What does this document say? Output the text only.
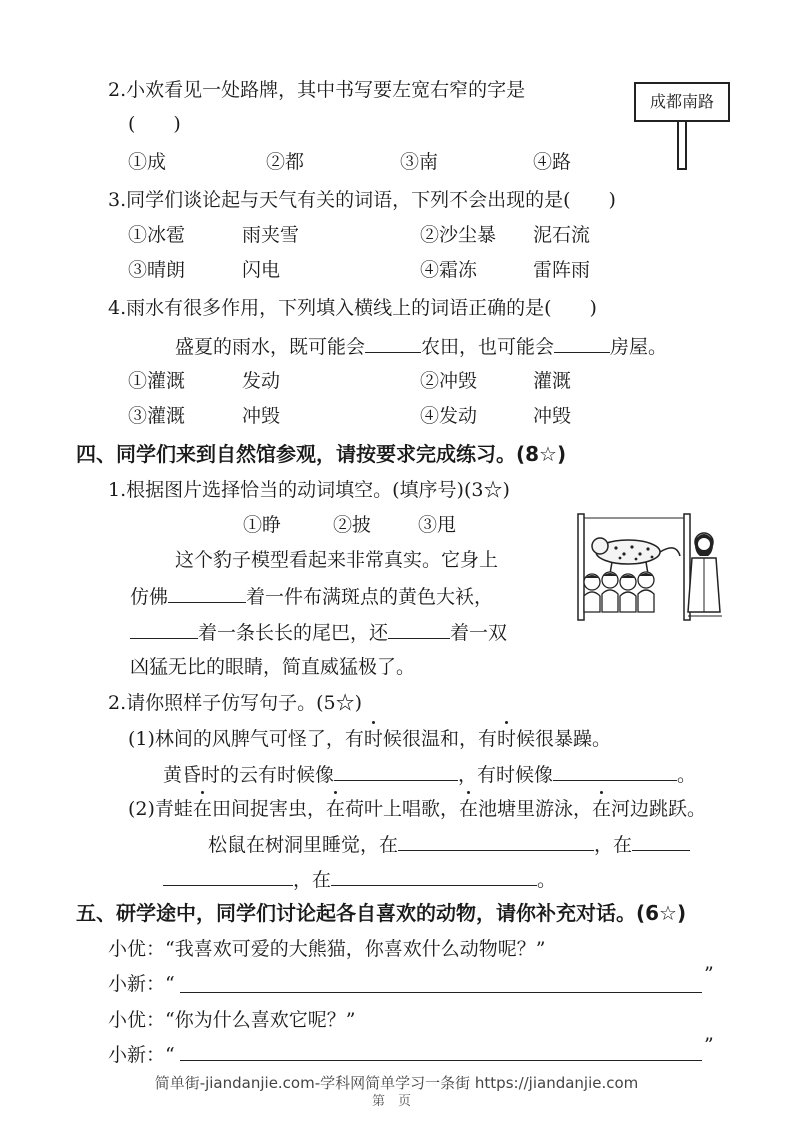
2.小欢看见一处路牌，其中书写要左宽右窄的字是
(　　)
成都南路
①成	②都	③南	④路
3.同学们谈论起与天气有关的词语，下列不会出现的是(　　)
①冰雹	雨夹雪	②沙尘暴 泥石流
③晴朗	闪电	④霜冻	雷阵雨
4.雨水有很多作用，下列填入横线上的词语正确的是(　　)
盛夏的雨水，既可能会	农田，也可能会	房屋。
①灌溉	发动	②冲毁	灌溉
③灌溉	冲毁	④发动	冲毁
四、同学们来到自然馆参观，请按要求完成练习。(8☆)
1.根据图片选择恰当的动词填空。(填序号)(3☆)
①睁	②披 ③甩
这个豹子模型看起来非常真实。它身上
仿佛	着一件布满斑点的黄色大袄，
着一条长长的尾巴，还	着一双
凶猛无比的眼睛，简直威猛极了。
2.请你照样子仿写句子。(5☆)
(1)林间的风脾气可怪了，有时候很温和，有时候很暴躁。
黄昏时的云有时候像	，有时候像	。
(2)青蛙在田间捉害虫，在荷叶上唱歌，在池塘里游泳，在河边跳跃。
松鼠在树洞里睡觉，在	，在
，在	。
五、研学途中，同学们讨论起各自喜欢的动物，请你补充对话。(6☆)
小优：“我喜欢可爱的大熊猫，你喜欢什么动物呢？”
小新：“	”
小优：“你为什么喜欢它呢？”
小新：“	”
简单街-jiandanjie.com-学科网简单学习一条街 https://jiandanjie.com
第　页
